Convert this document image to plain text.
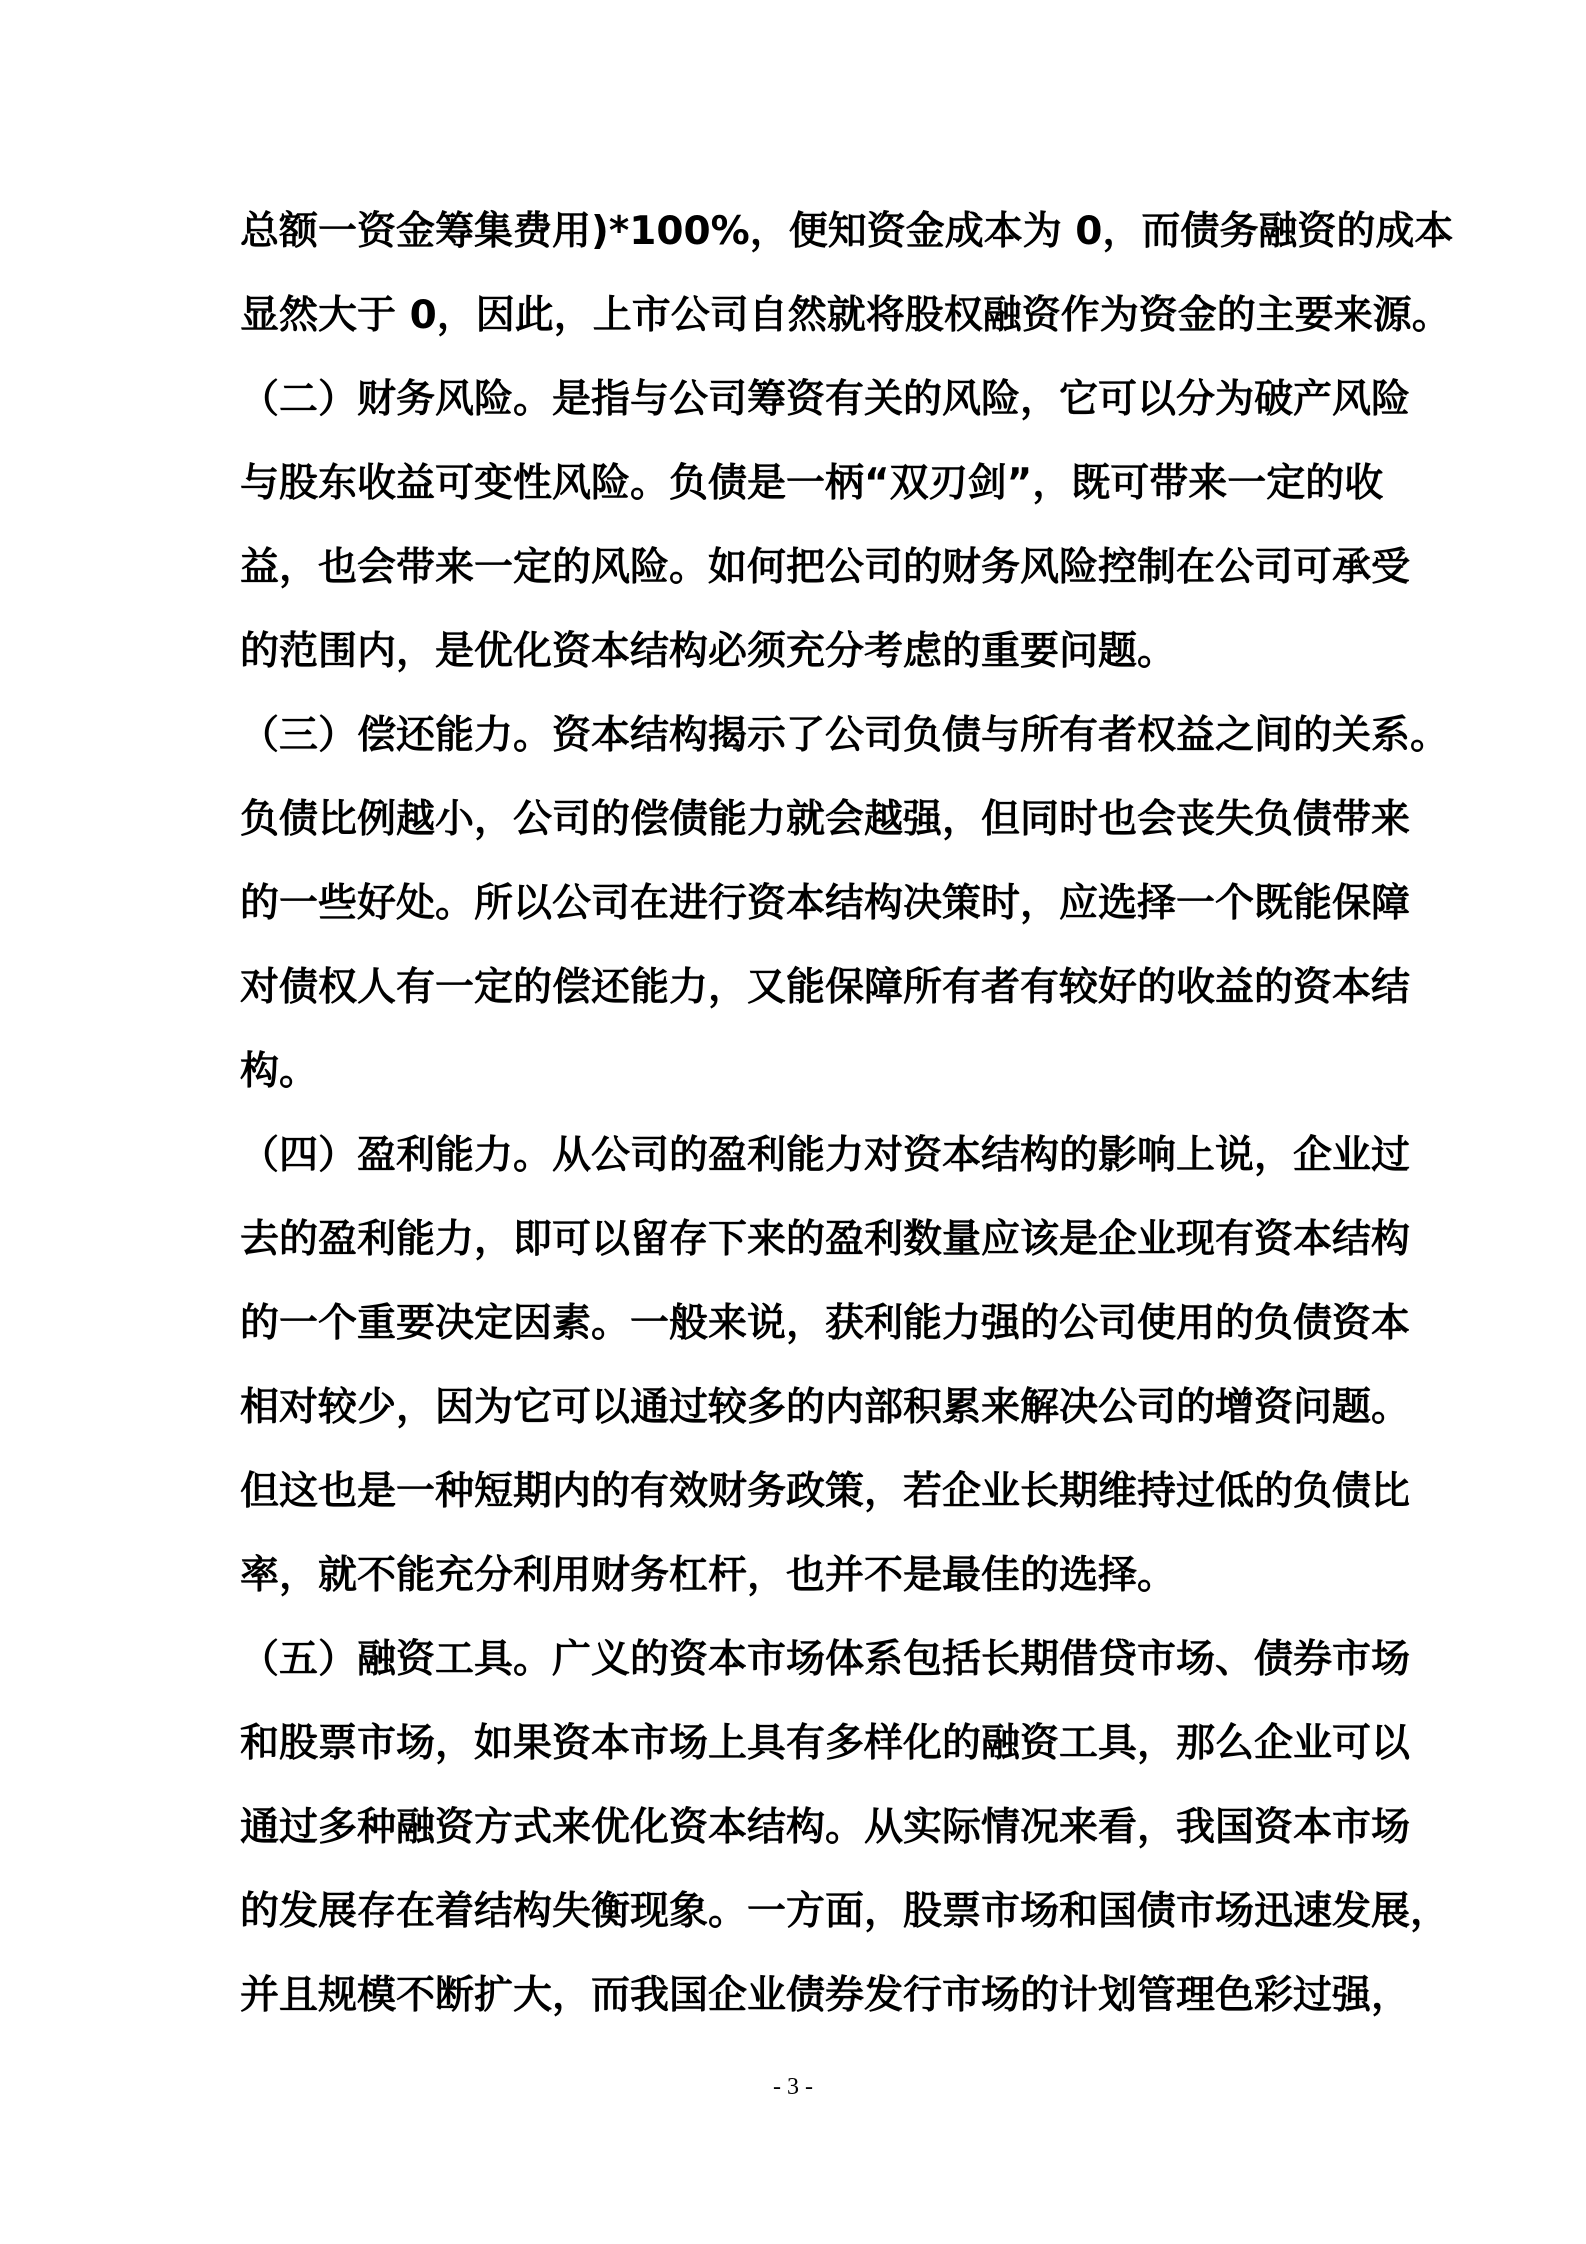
总额一资金筹集费用)*100%，便知资金成本为 0，而债务融资的成本
显然大于 0，因此，上市公司自然就将股权融资作为资金的主要来源。
（二）财务风险。是指与公司筹资有关的风险，它可以分为破产风险
与股东收益可变性风险。负债是一柄“双刃剑”，既可带来一定的收
益，也会带来一定的风险。如何把公司的财务风险控制在公司可承受
的范围内，是优化资本结构必须充分考虑的重要问题。
（三）偿还能力。资本结构揭示了公司负债与所有者权益之间的关系。
负债比例越小，公司的偿债能力就会越强，但同时也会丧失负债带来
的一些好处。所以公司在进行资本结构决策时，应选择一个既能保障
对债权人有一定的偿还能力，又能保障所有者有较好的收益的资本结
构。
（四）盈利能力。从公司的盈利能力对资本结构的影响上说，企业过
去的盈利能力，即可以留存下来的盈利数量应该是企业现有资本结构
的一个重要决定因素。一般来说，获利能力强的公司使用的负债资本
相对较少，因为它可以通过较多的内部积累来解决公司的增资问题。
但这也是一种短期内的有效财务政策，若企业长期维持过低的负债比
率，就不能充分利用财务杠杆，也并不是最佳的选择。
（五）融资工具。广义的资本市场体系包括长期借贷市场、债券市场
和股票市场，如果资本市场上具有多样化的融资工具，那么企业可以
通过多种融资方式来优化资本结构。从实际情况来看，我国资本市场
的发展存在着结构失衡现象。一方面，股票市场和国债市场迅速发展，
并且规模不断扩大，而我国企业债券发行市场的计划管理色彩过强，
- 3 -
